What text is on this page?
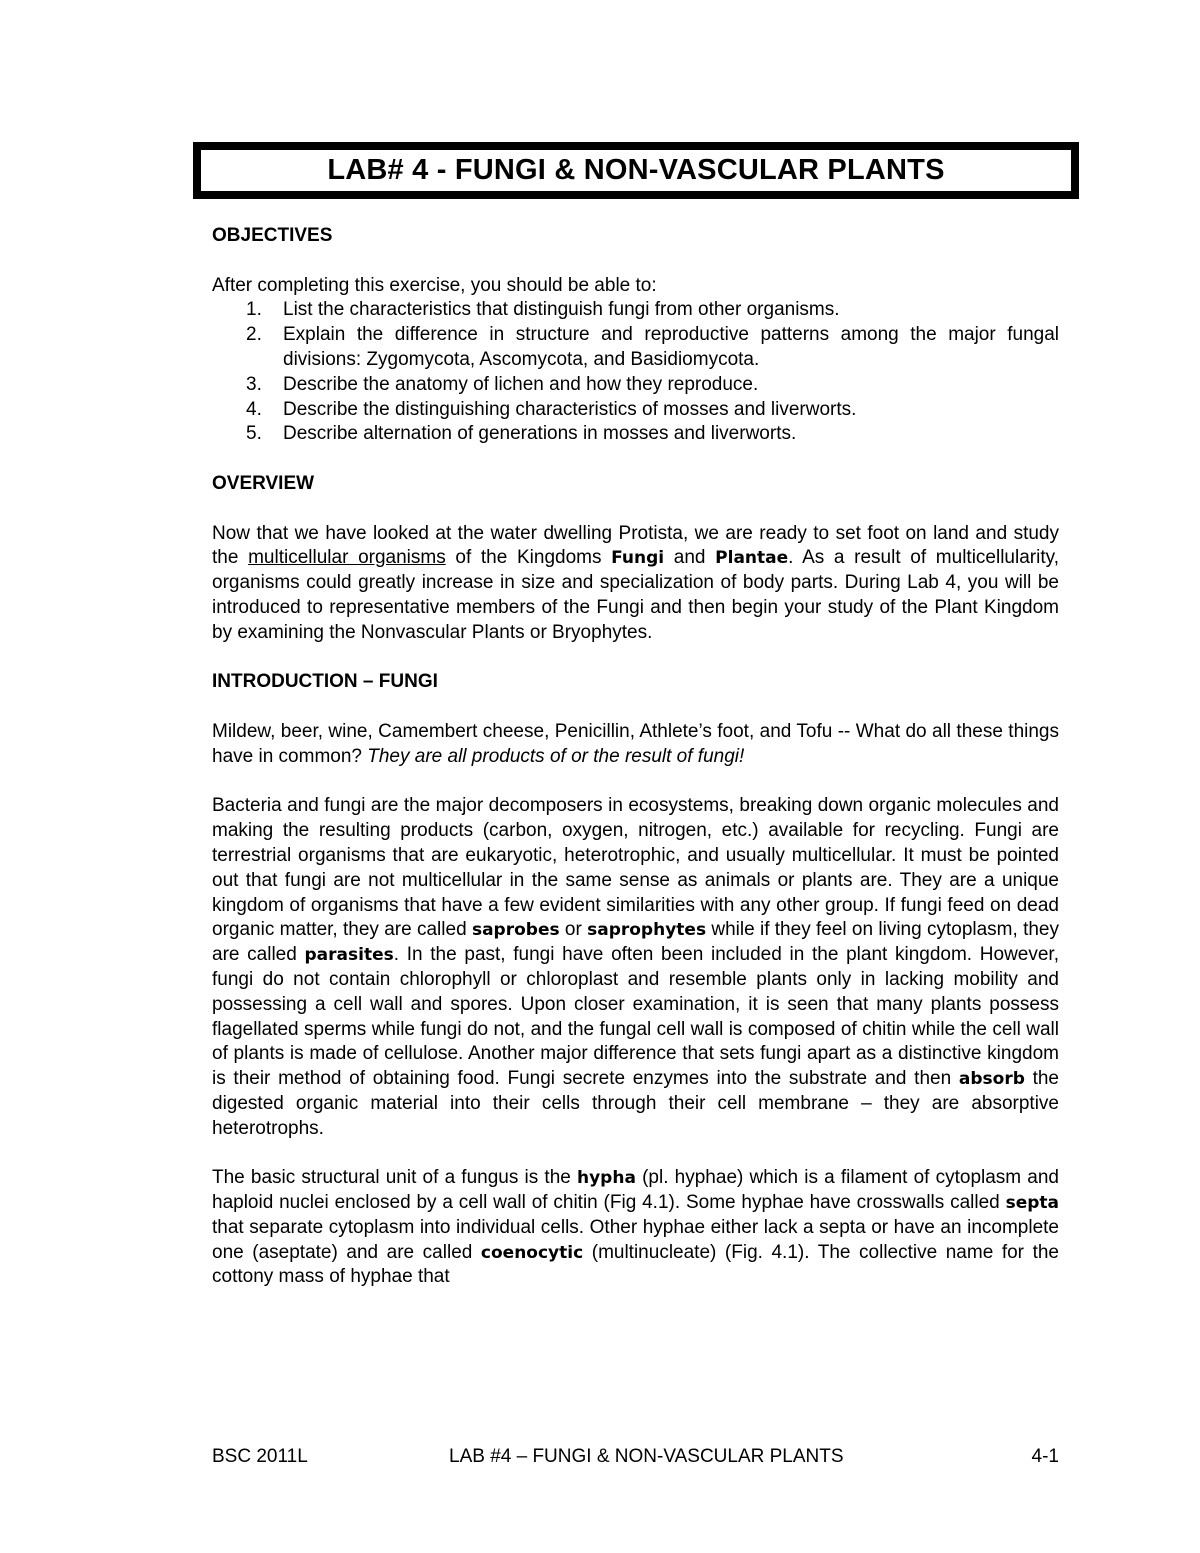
LAB# 4 - FUNGI & NON-VASCULAR PLANTS
OBJECTIVES

After completing this exercise, you should be able to:

1. List the characteristics that distinguish fungi from other organisms.
2. Explain the difference in structure and reproductive patterns among the major fungal divisions: Zygomycota, Ascomycota, and Basidiomycota.
3. Describe the anatomy of lichen and how they reproduce.
4. Describe the distinguishing characteristics of mosses and liverworts.
5. Describe alternation of generations in mosses and liverworts.
OVERVIEW

Now that we have looked at the water dwelling Protista, we are ready to set foot on land and study the multicellular organisms of the Kingdoms Fungi and Plantae. As a result of multicellularity, organisms could greatly increase in size and specialization of body parts. During Lab 4, you will be introduced to representative members of the Fungi and then begin your study of the Plant Kingdom by examining the Nonvascular Plants or Bryophytes.

INTRODUCTION – FUNGI

Mildew, beer, wine, Camembert cheese, Penicillin, Athlete’s foot, and Tofu -- What do all these things have in common? They are all products of or the result of fungi!

Bacteria and fungi are the major decomposers in ecosystems, breaking down organic molecules and making the resulting products (carbon, oxygen, nitrogen, etc.) available for recycling. Fungi are terrestrial organisms that are eukaryotic, heterotrophic, and usually multicellular. It must be pointed out that fungi are not multicellular in the same sense as animals or plants are. They are a unique kingdom of organisms that have a few evident similarities with any other group. If fungi feed on dead organic matter, they are called saprobes or saprophytes while if they feel on living cytoplasm, they are called parasites. In the past, fungi have often been included in the plant kingdom. However, fungi do not contain chlorophyll or chloroplast and resemble plants only in lacking mobility and possessing a cell wall and spores. Upon closer examination, it is seen that many plants possess flagellated sperms while fungi do not, and the fungal cell wall is composed of chitin while the cell wall of plants is made of cellulose. Another major difference that sets fungi apart as a distinctive kingdom is their method of obtaining food. Fungi secrete enzymes into the substrate and then absorb the digested organic material into their cells through their cell membrane – they are absorptive heterotrophs.

The basic structural unit of a fungus is the hypha (pl. hyphae) which is a filament of cytoplasm and haploid nuclei enclosed by a cell wall of chitin (Fig 4.1). Some hyphae have crosswalls called septa that separate cytoplasm into individual cells. Other hyphae either lack a septa or have an incomplete one (aseptate) and are called coenocytic (multinucleate) (Fig. 4.1). The collective name for the cottony mass of hyphae that

BSC 2011L	LAB #4 – FUNGI & NON-VASCULAR PLANTS	4-1
